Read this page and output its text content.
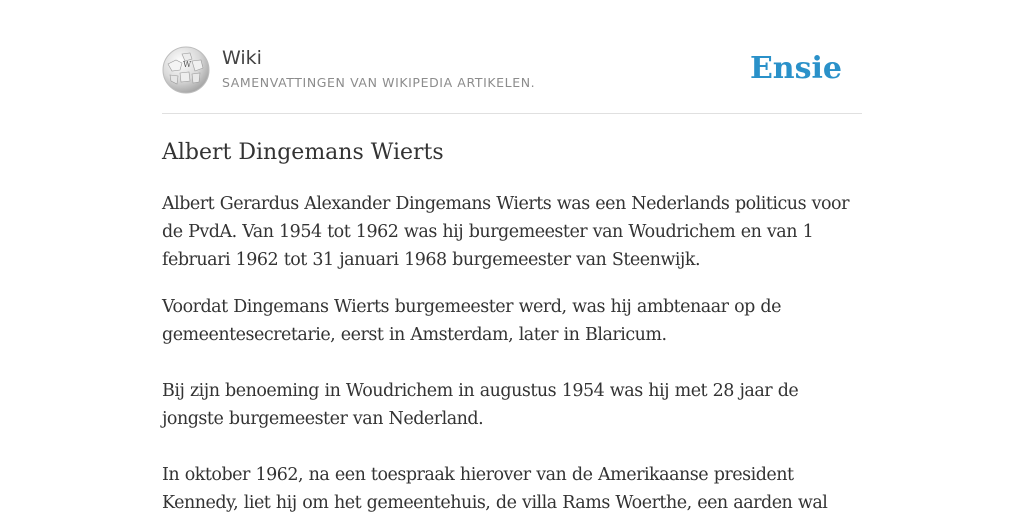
W Wiki
SAMENVATTINGEN VAN WIKIPEDIA ARTIKELEN.	Ensie
Albert Dingemans Wierts

Albert Gerardus Alexander Dingemans Wierts was een Nederlands politicus voor de PvdA. Van 1954 tot 1962 was hij burgemeester van Woudrichem en van 1 februari 1962 tot 31 januari 1968 burgemeester van Steenwijk.

Voordat Dingemans Wierts burgemeester werd, was hij ambtenaar op de gemeentesecretarie, eerst in Amsterdam, later in Blaricum.

Bij zijn benoeming in Woudrichem in augustus 1954 was hij met 28 jaar de jongste burgemeester van Nederland.

In oktober 1962, na een toespraak hierover van de Amerikaanse president Kennedy, liet hij om het gemeentehuis, de villa Rams Woerthe, een aarden wal
